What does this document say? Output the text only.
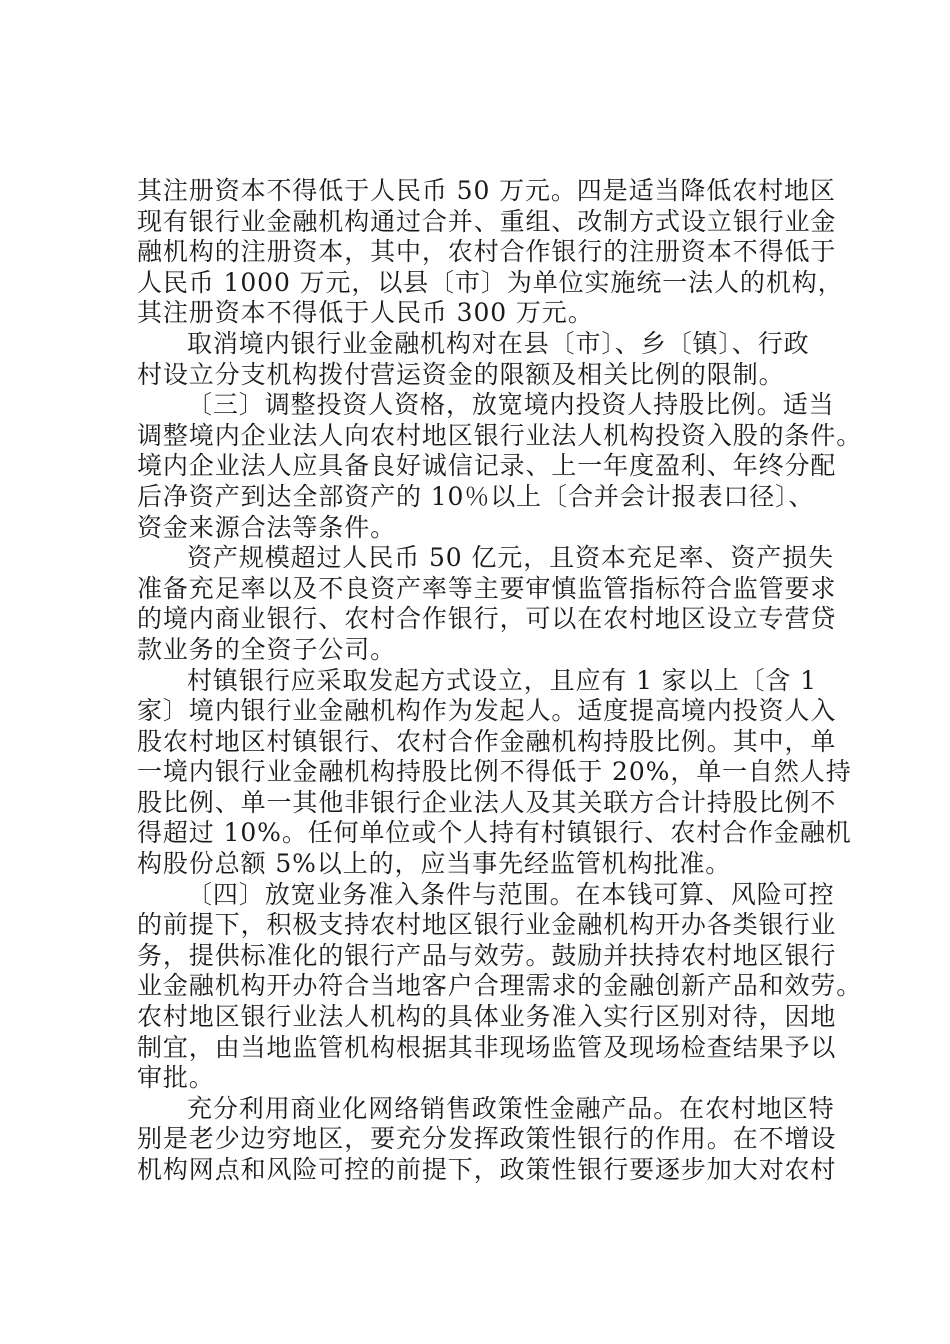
其注册资本不得低于人民币 50 万元。四是适当降低农村地区
现有银行业金融机构通过合并、重组、改制方式设立银行业金
融机构的注册资本，其中，农村合作银行的注册资本不得低于
人民币 1000 万元，以县〔市〕为单位实施统一法人的机构，
其注册资本不得低于人民币 300 万元。
取消境内银行业金融机构对在县〔市〕、乡〔镇〕、行政
村设立分支机构拨付营运资金的限额及相关比例的限制。
〔三〕调整投资人资格，放宽境内投资人持股比例。适当
调整境内企业法人向农村地区银行业法人机构投资入股的条件。
境内企业法人应具备良好诚信记录、上一年度盈利、年终分配
后净资产到达全部资产的 10％以上〔合并会计报表口径〕、
资金来源合法等条件。
资产规模超过人民币 50 亿元，且资本充足率、资产损失
准备充足率以及不良资产率等主要审慎监管指标符合监管要求
的境内商业银行、农村合作银行，可以在农村地区设立专营贷
款业务的全资子公司。
村镇银行应采取发起方式设立，且应有 1 家以上〔含 1
家〕境内银行业金融机构作为发起人。适度提高境内投资人入
股农村地区村镇银行、农村合作金融机构持股比例。其中，单
一境内银行业金融机构持股比例不得低于 20%，单一自然人持
股比例、单一其他非银行企业法人及其关联方合计持股比例不
得超过 10%。任何单位或个人持有村镇银行、农村合作金融机
构股份总额 5%以上的，应当事先经监管机构批准。
〔四〕放宽业务准入条件与范围。在本钱可算、风险可控
的前提下，积极支持农村地区银行业金融机构开办各类银行业
务，提供标准化的银行产品与效劳。鼓励并扶持农村地区银行
业金融机构开办符合当地客户合理需求的金融创新产品和效劳。
农村地区银行业法人机构的具体业务准入实行区别对待，因地
制宜，由当地监管机构根据其非现场监管及现场检查结果予以
审批。
充分利用商业化网络销售政策性金融产品。在农村地区特
别是老少边穷地区，要充分发挥政策性银行的作用。在不增设
机构网点和风险可控的前提下，政策性银行要逐步加大对农村
